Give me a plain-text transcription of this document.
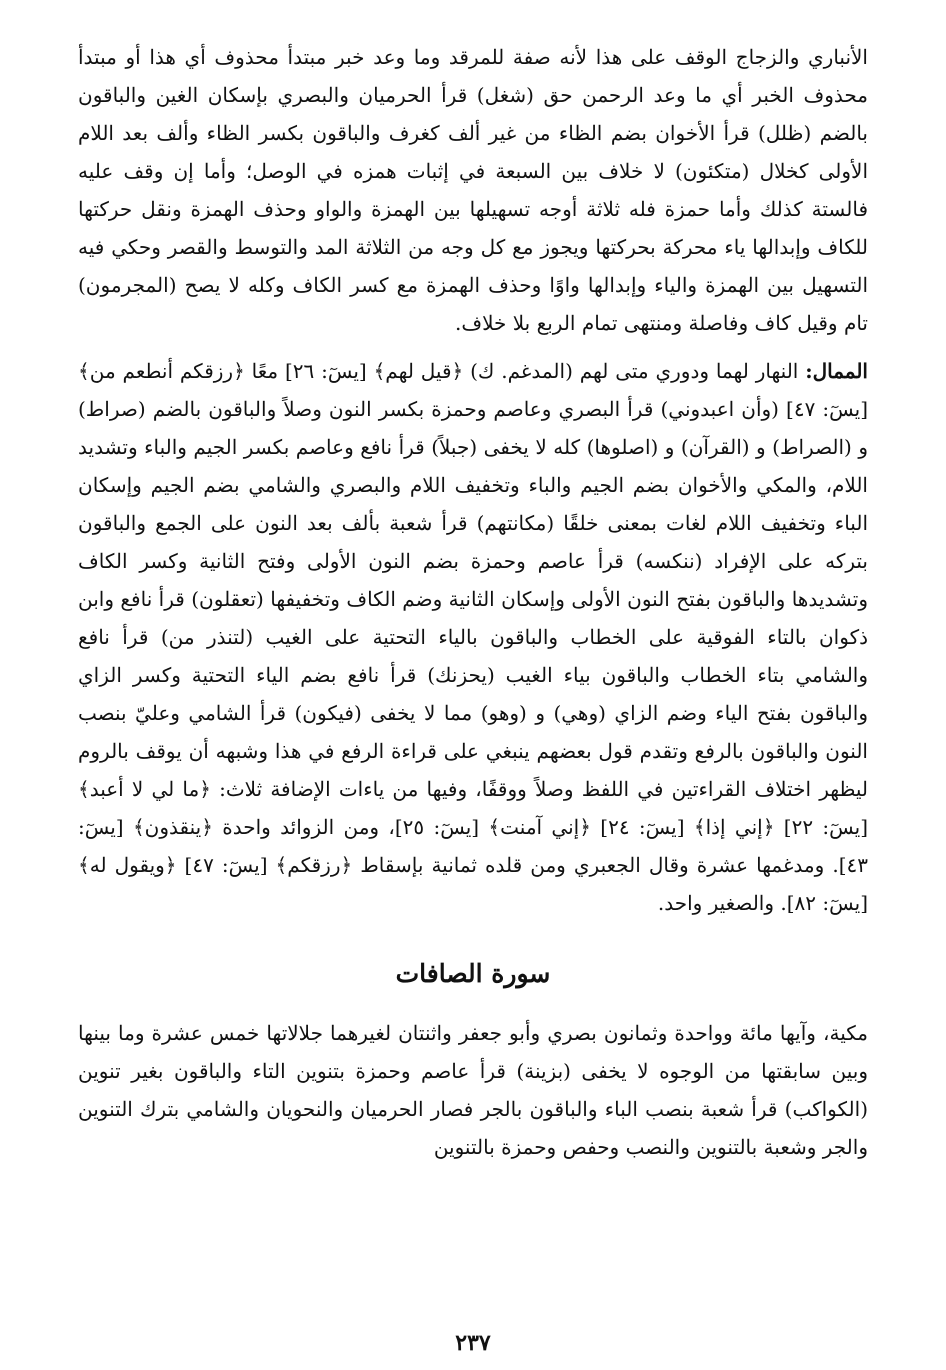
الأنباري والزجاج الوقف على هذا لأنه صفة للمرقد وما وعد خبر مبتدأ محذوف أي هذا أو مبتدأ محذوف الخبر أي ما وعد الرحمن حق (شغل) قرأ الحرميان والبصري بإسكان الغين والباقون بالضم (ظلل) قرأ الأخوان بضم الظاء من غير ألف كغرف والباقون بكسر الظاء وألف بعد اللام الأولى كخلال (متكئون) لا خلاف بين السبعة في إثبات همزه في الوصل؛ وأما إن وقف عليه فالستة كذلك وأما حمزة فله ثلاثة أوجه تسهيلها بين الهمزة والواو وحذف الهمزة ونقل حركتها للكاف وإبدالها ياء محركة بحركتها ويجوز مع كل وجه من الثلاثة المد والتوسط والقصر وحكي فيه التسهيل بين الهمزة والياء وإبدالها واوًا وحذف الهمزة مع كسر الكاف وكله لا يصح (المجرمون) تام وقيل كاف وفاصلة ومنتهى تمام الربع بلا خلاف.

الممال: النهار لهما ودوري متى لهم (المدغم. ك) ﴿قيل لهم﴾ [يسٓ: ٢٦] معًا ﴿رزقكم أنطعم من﴾ [يسٓ: ٤٧] (وأن اعبدوني) قرأ البصري وعاصم وحمزة بكسر النون وصلاً والباقون بالضم (صراط) و (الصراط) و (القرآن) و (اصلوها) كله لا يخفى (جبلاً) قرأ نافع وعاصم بكسر الجيم والباء وتشديد اللام، والمكي والأخوان بضم الجيم والباء وتخفيف اللام والبصري والشامي بضم الجيم وإسكان الباء وتخفيف اللام لغات بمعنى خلقًا (مكانتهم) قرأ شعبة بألف بعد النون على الجمع والباقون بتركه على الإفراد (ننكسه) قرأ عاصم وحمزة بضم النون الأولى وفتح الثانية وكسر الكاف وتشديدها والباقون بفتح النون الأولى وإسكان الثانية وضم الكاف وتخفيفها (تعقلون) قرأ نافع وابن ذكوان بالتاء الفوقية على الخطاب والباقون بالياء التحتية على الغيب (لتنذر من) قرأ نافع والشامي بتاء الخطاب والباقون بياء الغيب (يحزنك) قرأ نافع بضم الياء التحتية وكسر الزاي والباقون بفتح الياء وضم الزاي (وهي) و (وهو) مما لا يخفى (فيكون) قرأ الشامي وعليّ بنصب النون والباقون بالرفع وتقدم قول بعضهم ينبغي على قراءة الرفع في هذا وشبهه أن يوقف بالروم ليظهر اختلاف القراءتين في اللفظ وصلاً ووقفًا، وفيها من ياءات الإضافة ثلاث: ﴿ما لي لا أعبد﴾ [يسٓ: ٢٢] ﴿إني إذا﴾ [يسٓ: ٢٤] ﴿إني آمنت﴾ [يسٓ: ٢٥]، ومن الزوائد واحدة ﴿ينقذون﴾ [يسٓ: ٤٣]. ومدغمها عشرة وقال الجعبري ومن قلده ثمانية بإسقاط ﴿رزقكم﴾ [يسٓ: ٤٧] ﴿ويقول له﴾ [يسٓ: ٨٢]. والصغير واحد.

سورة الصافات

مكية، وآيها مائة وواحدة وثمانون بصري وأبو جعفر واثنتان لغيرهما جلالاتها خمس عشرة وما بينها وبين سابقتها من الوجوه لا يخفى (بزينة) قرأ عاصم وحمزة بتنوين التاء والباقون بغير تنوين (الكواكب) قرأ شعبة بنصب الباء والباقون بالجر فصار الحرميان والنحويان والشامي بترك التنوين والجر وشعبة بالتنوين والنصب وحفص وحمزة بالتنوين

٢٣٧
